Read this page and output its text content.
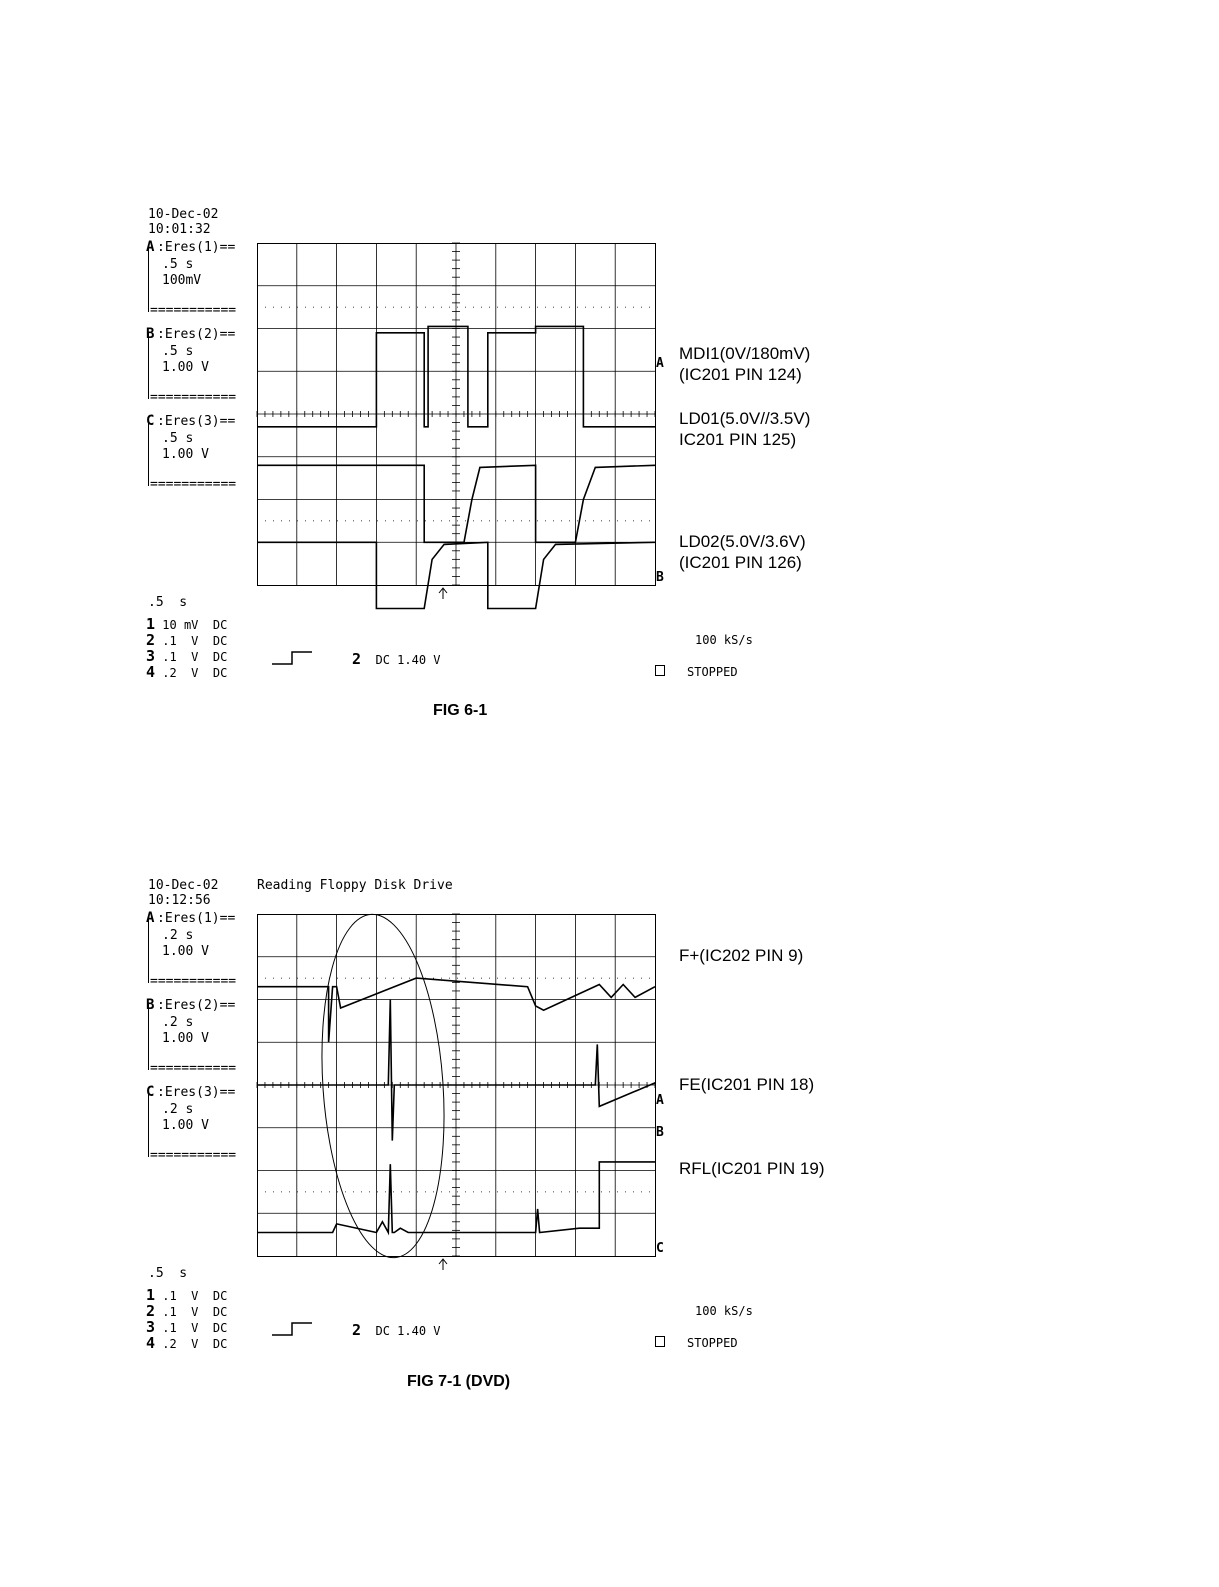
10-Dec-02
10:01:32
A :Eres(1)==
.5 s
100mV
===========
B :Eres(2)==
.5 s
1.00 V
===========
C :Eres(3)==
.5 s
1.00 V
===========
A
B
MDI1(0V/180mV)
(IC201 PIN 124)
LD01(5.0V//3.5V)
IC201 PIN 125)
LD02(5.0V/3.6V)
(IC201 PIN 126)
.5  s
1 10 mV  DC
2 .1  V  DC
3 .1  V  DC
4 .2  V  DC
2 DC 1.40 V
100 kS/s
STOPPED
FIG 6-1
10-Dec-02
10:12:56
Reading Floppy Disk Drive
A :Eres(1)==
.2 s
1.00 V
===========
B :Eres(2)==
.2 s
1.00 V
===========
C :Eres(3)==
.2 s
1.00 V
===========
A
B
C
F+(IC202 PIN 9)
FE(IC201 PIN 18)
RFL(IC201 PIN 19)
.5  s
1 .1  V  DC
2 .1  V  DC
3 .1  V  DC
4 .2  V  DC
2 DC 1.40 V
100 kS/s
STOPPED
FIG 7-1 (DVD)
